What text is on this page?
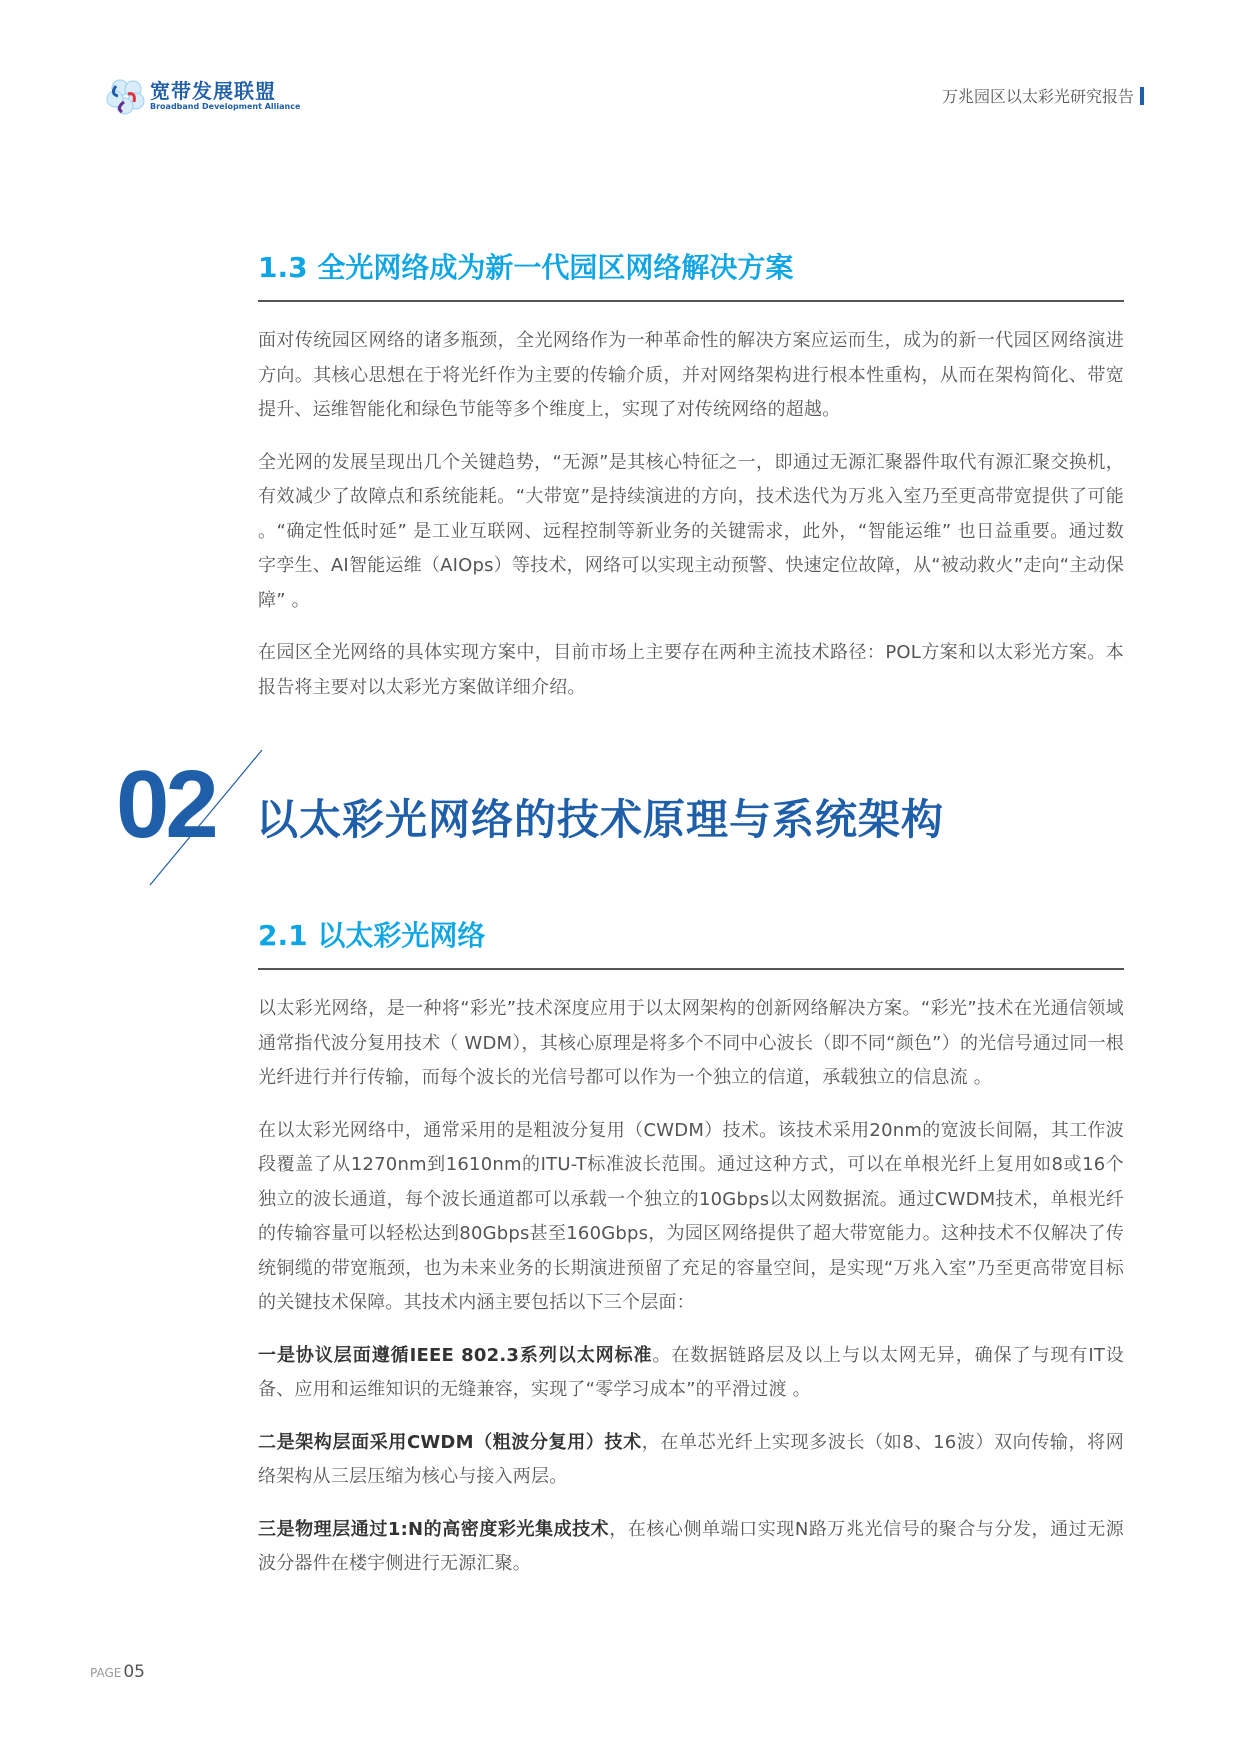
宽带发展联盟
Broadband Development Alliance
万兆园区以太彩光研究报告
1.3 全光网络成为新一代园区网络解决方案

面对传统园区网络的诸多瓶颈，全光网络作为一种革命性的解决方案应运而生，成为的新一代园区网络演进方向。其核心思想在于将光纤作为主要的传输介质，并对网络架构进行根本性重构，从而在架构简化、带宽提升、运维智能化和绿色节能等多个维度上，实现了对传统网络的超越。

全光网的发展呈现出几个关键趋势，“无源”是其核心特征之一，即通过无源汇聚器件取代有源汇聚交换机，有效减少了故障点和系统能耗。“大带宽”是持续演进的方向，技术迭代为万兆入室乃至更高带宽提供了可能 。“确定性低时延” 是工业互联网、远程控制等新业务的关键需求，此外，“智能运维” 也日益重要。通过数字孪生、AI智能运维（AIOps）等技术，网络可以实现主动预警、快速定位故障，从“被动救火”走向“主动保障” 。

在园区全光网络的具体实现方案中，目前市场上主要存在两种主流技术路径：POL方案和以太彩光方案。本报告将主要对以太彩光方案做详细介绍。

02 以太彩光网络的技术原理与系统架构
2.1 以太彩光网络

以太彩光网络，是一种将“彩光”技术深度应用于以太网架构的创新网络解决方案。“彩光”技术在光通信领域通常指代波分复用技术（ WDM），其核心原理是将多个不同中心波长（即不同“颜色”）的光信号通过同一根光纤进行并行传输，而每个波长的光信号都可以作为一个独立的信道，承载独立的信息流 。

在以太彩光网络中，通常采用的是粗波分复用（CWDM）技术。该技术采用20nm的宽波长间隔，其工作波段覆盖了从1270nm到1610nm的ITU-T标准波长范围。通过这种方式，可以在单根光纤上复用如8或16个独立的波长通道，每个波长通道都可以承载一个独立的10Gbps以太网数据流。通过CWDM技术，单根光纤的传输容量可以轻松达到80Gbps甚至160Gbps，为园区网络提供了超大带宽能力。这种技术不仅解决了传统铜缆的带宽瓶颈，也为未来业务的长期演进预留了充足的容量空间，是实现“万兆入室”乃至更高带宽目标的关键技术保障。其技术内涵主要包括以下三个层面：

一是协议层面遵循IEEE 802.3系列以太网标准。在数据链路层及以上与以太网无异，确保了与现有IT设备、应用和运维知识的无缝兼容，实现了“零学习成本”的平滑过渡 。

二是架构层面采用CWDM（粗波分复用）技术，在单芯光纤上实现多波长（如8、16波）双向传输，将网络架构从三层压缩为核心与接入两层。

三是物理层通过1:N的高密度彩光集成技术，在核心侧单端口实现N路万兆光信号的聚合与分发，通过无源波分器件在楼宇侧进行无源汇聚。

PAGE 05
